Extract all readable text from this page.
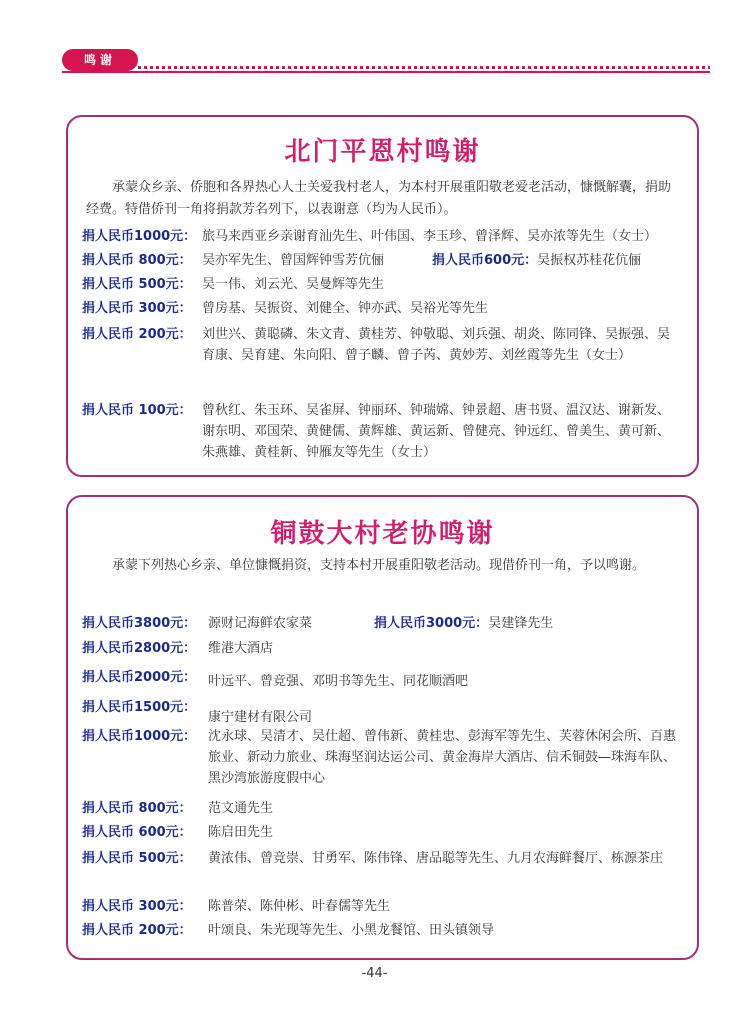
鸣谢
北门平恩村鸣谢
承蒙众乡亲、侨胞和各界热心人士关爱我村老人，为本村开展重阳敬老爱老活动，慷慨解囊，捐助经费。特借侨刊一角将捐款芳名列下，以表谢意（均为人民币）。
捐人民币1000元： 旅马来西亚乡亲谢育汕先生、叶伟国、李玉珍、曾泽辉、吴亦浓等先生（女士）
捐人民币 800元： 吴亦军先生、曾国辉钟雪芳伉俪	捐人民币600元： 吴振权苏桂花伉俪
捐人民币 500元： 吴一伟、刘云光、吴曼辉等先生
捐人民币 300元： 曾房基、吴振资、刘健全、钟亦武、吴裕光等先生
捐人民币 200元： 刘世兴、黄聪磷、朱文青、黄桂芳、钟敬聪、刘兵强、胡炎、陈同锋、吴振强、吴育康、吴育建、朱向阳、曾子麟、曾子芮、黄妙芳、刘丝霞等先生（女士）
捐人民币 100元： 曾秋红、朱玉环、吴雀屏、钟丽环、钟瑞嫦、钟景超、唐书贤、温汉达、谢新发、谢东明、邓国荣、黄健儒、黄辉雄、黄运新、曾健亮、钟远红、曾美生、黄可新、朱燕雄、黄桂新、钟雁友等先生（女士）
铜鼓大村老协鸣谢
承蒙下列热心乡亲、单位慷慨捐资，支持本村开展重阳敬老活动。现借侨刊一角，予以鸣谢。
捐人民币3800元： 源财记海鲜农家菜	捐人民币3000元： 吴建锋先生
捐人民币2800元： 维港大酒店
捐人民币2000元： 叶远平、曾竞强、邓明书等先生、同花顺酒吧
捐人民币1500元：
康宁建材有限公司
捐人民币1000元： 沈永球、吴清才、吴仕超、曾伟新、黄桂忠、彭海军等先生、芙蓉休闲会所、百惠旅业、新动力旅业、珠海坚润达运公司、黄金海岸大酒店、信禾铜鼓—珠海车队、黑沙湾旅游度假中心
捐人民币 800元：	范文通先生
捐人民币 600元：	陈启田先生
捐人民币 500元：	黄浓伟、曾竞崇、甘勇军、陈伟锋、唐品聪等先生、九月农海鲜餐厅、栋源茶庄
捐人民币 300元：	陈普荣、陈仲彬、叶春儒等先生
捐人民币 200元：	叶颂良、朱光现等先生、小黑龙餐馆、田头镇领导
-44-
